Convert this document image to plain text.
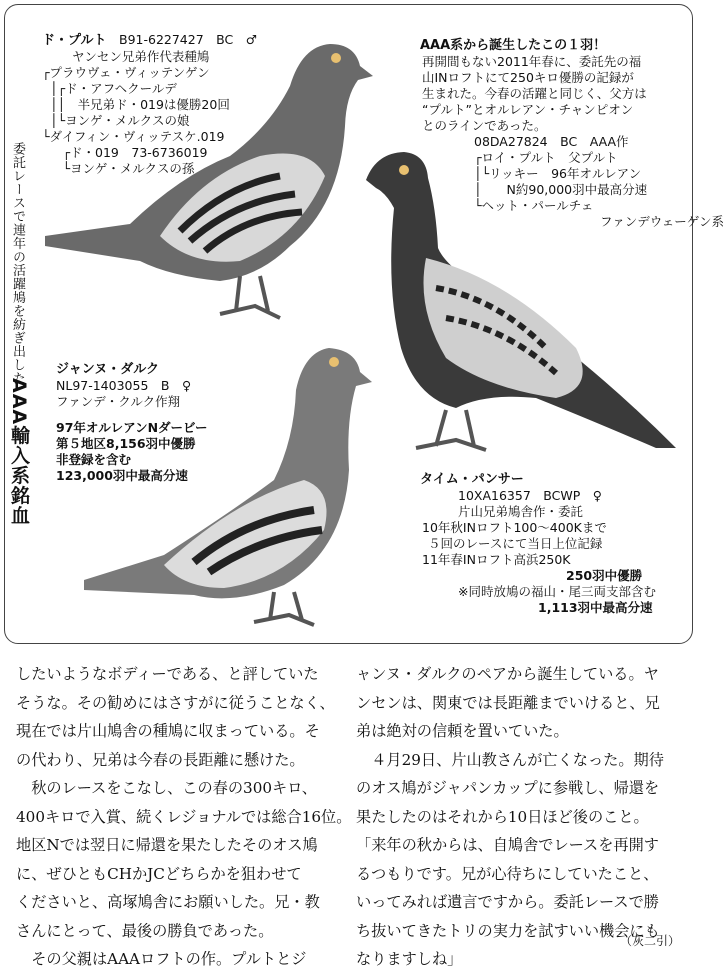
委託レースで連年の活躍鳩を紡ぎ出した
AAA輸入系銘血
ド・プルト　 B91-6227427　BC　♂
ヤンセン兄弟作代表種鳩
┌プラウヴェ・ヴィッテンゲン
│┌ド・アフヘクールデ
││　半兄弟ド・019は優勝20回
│└ヨンゲ・メルクスの娘
└ダイフィン・ヴィッテスケ.019
　┌ド・019　73-6736019
　└ヨンゲ・メルクスの孫
AAA系から誕生したこの１羽！
再開間もない2011年春に、委託先の福
山INロフトにて250キロ優勝の記録が
生まれた。今春の活躍と同じく、父方は
“プルト”とオルレアン・チャンピオン
とのラインであった。
08DA27824　BC　AAA作
┌ロイ・プルト　父プルト
│└リッキー　96年オルレアン
│　　N約90,000羽中最高分速
└ヘット・パールチェ
ファンデウェーゲン系
ジャンヌ・ダルク
NL97-1403055　B　♀
ファンデ・クルク作翔
97年オルレアンNダービー
第５地区8,156羽中優勝
非登録を含む
123,000羽中最高分速	タイム・パンサー
10XA16357　BCWP　♀
片山兄弟鳩舎作・委託
10年秋INロフト100～400Kまで
５回のレースにて当日上位記録
11年春INロフト高浜250K
250羽中優勝
※同時放鳩の福山・尾三両支部含む
1,113羽中最高分速

したいようなボディーである、と評していた

そうな。その勧めにはさすがに従うことなく、

現在では片山鳩舎の種鳩に収まっている。そ

の代わり、兄弟は今春の長距離に懸けた。

　秋のレースをこなし、この春の300キロ、

400キロで入賞、続くレジョナルでは総合16位。

地区Nでは翌日に帰還を果たしたそのオス鳩

に、ぜひともCHかJCどちらかを狙わせて

くださいと、高塚鳩舎にお願いした。兄・教

さんにとって、最後の勝負であった。

　その父親はAAAロフトの作。プルトとジ

ャンヌ・ダルクのペアから誕生している。ヤ

ンセンは、関東では長距離までいけると、兄

弟は絶対の信頼を置いていた。

　４月29日、片山教さんが亡くなった。期待

のオス鳩がジャパンカップに参戦し、帰還を

果たしたのはそれから10日ほど後のこと。

「来年の秋からは、自鳩舎でレースを再開す

るつもりです。兄が心待ちにしていたこと、

いってみれば遺言ですから。委託レースで勝

ち抜いてきたトリの実力を試すいい機会にも

なりますしね」

（灰二引）
